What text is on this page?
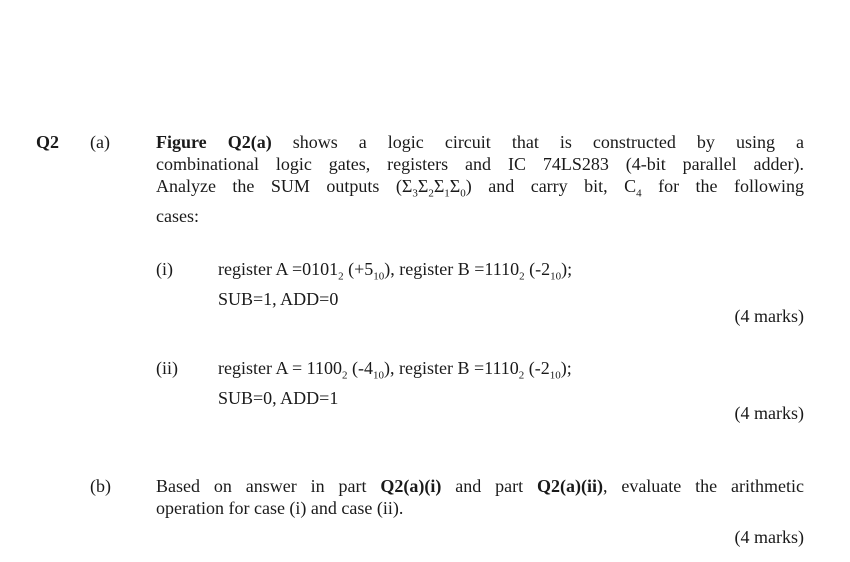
Q2 (a)	Figure Q2(a) shows a logic circuit that is constructed by using a
combinational logic gates, registers and IC 74LS283 (4-bit parallel adder).
Analyze the SUM outputs $(\Sigma_3\Sigma_2\Sigma_1\Sigma_0)$ and carry bit, $C_4$ for the following
cases:
(i)	register $A =0101_2$ $(+5_{10})$, register $B =1110_2$ $(-2_{10})$;
SUB=1, ADD=0
(4 marks)
(ii) register $A = 1100_2$ $(-4_{10})$, register $B =1110_2$ $(-2_{10})$;
SUB=0, ADD=1
(4 marks)
(b)	Based on answer in part Q2(a)(i) and part Q2(a)(ii), evaluate the arithmetic
operation for case (i) and case (ii).
(4 marks)
